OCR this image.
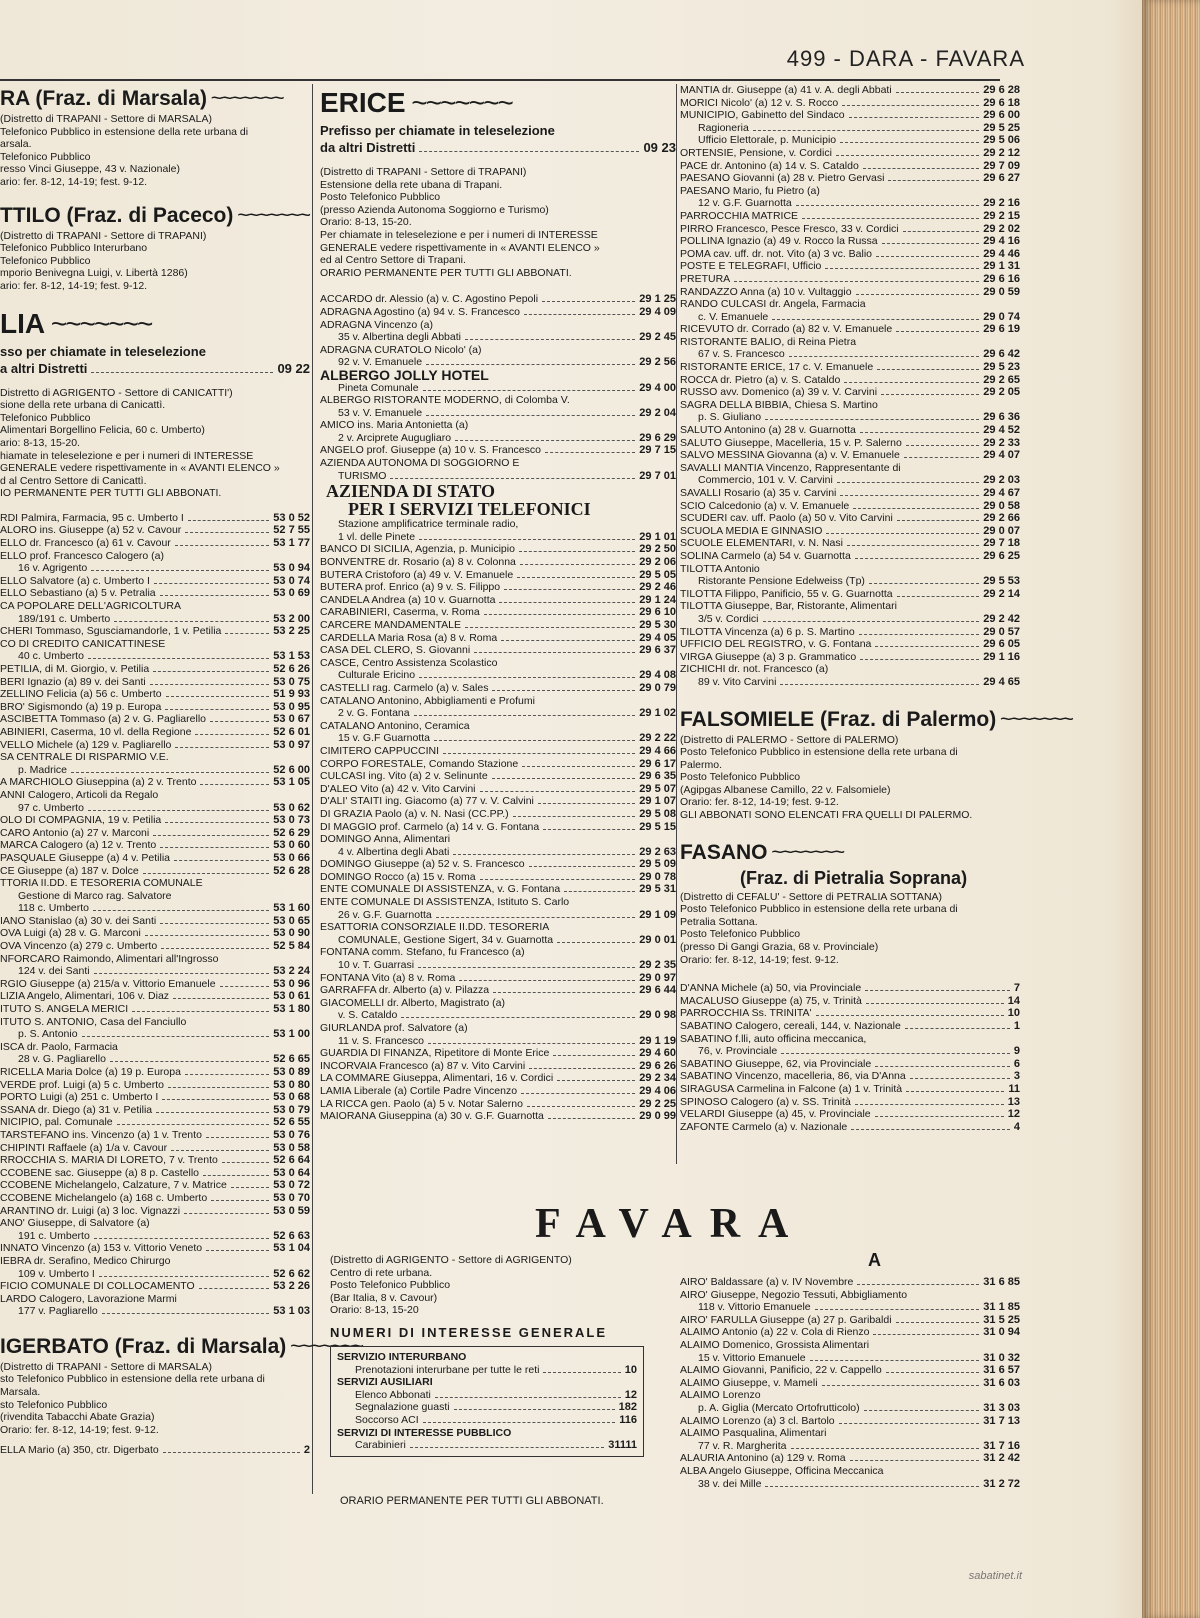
499 - DARA - FAVARA
RA (Fraz. di Marsala) ~~~~~~~
(Distretto di TRAPANI - Settore di MARSALA)
Telefonico Pubblico in estensione della rete urbana di
arsala.
Telefonico Pubblico
resso Vinci Giuseppe, 43 v. Nazionale)
ario: fer. 8-12, 14-19; fest. 9-12.
TTILO (Fraz. di Paceco) ~~~~~~~
(Distretto di TRAPANI - Settore di TRAPANI)
Telefonico Pubblico Interurbano
Telefonico Pubblico
mporio Benivegna Luigi, v. Libertà 1286)
ario: fer. 8-12, 14-19; fest. 9-12.
LIA ~~~~~~~
sso per chiamate in teleselezione
a altri Distretti	09 22
Distretto di AGRIGENTO - Settore di CANICATTI')
sione della rete urbana di Canicattì.
Telefonico Pubblico
Alimentari Borgellino Felicia, 60 c. Umberto)
ario: 8-13, 15-20.
hiamate in teleselezione e per i numeri di INTERESSE
GENERALE vedere rispettivamente in « AVANTI ELENCO »
d al Centro Settore di Canicattì.
IO PERMANENTE PER TUTTI GLI ABBONATI.
RDI Palmira, Farmacia, 95 c. Umberto I	53 0 52
ALORO ins. Giuseppe (a) 52 v. Cavour	52 7 55
ELLO dr. Francesco (a) 61 v. Cavour	53 1 77
ELLO prof. Francesco Calogero (a)
16 v. Agrigento	53 0 94
ELLO Salvatore (a) c. Umberto I	53 0 74
ELLO Sebastiano (a) 5 v. Petralia	53 0 69
CA POPOLARE DELL'AGRICOLTURA
189/191 c. Umberto	53 2 00
CHERI Tommaso, Sgusciamandorle, 1 v. Petilia	53 2 25
CO DI CREDITO CANICATTINESE
40 c. Umberto	53 1 53
PETILIA, di M. Giorgio, v. Petilia	52 6 26
BERI Ignazio (a) 89 v. dei Santi	53 0 75
ZELLINO Felicia (a) 56 c. Umberto	51 9 93
BRO' Sigismondo (a) 19 p. Europa	53 0 95
ASCIBETTA Tommaso (a) 2 v. G. Pagliarello	53 0 67
ABINIERI, Caserma, 10 vl. della Regione	52 6 01
VELLO Michele (a) 129 v. Pagliarello	53 0 97
SA CENTRALE DI RISPARMIO V.E.
p. Madrice	52 6 00
A MARCHIOLO Giuseppina (a) 2 v. Trento	53 1 05
ANNI Calogero, Articoli da Regalo
97 c. Umberto	53 0 62
OLO DI COMPAGNIA, 19 v. Petilia	53 0 73
CARO Antonio (a) 27 v. Marconi	52 6 29
MARCA Calogero (a) 12 v. Trento	53 0 60
PASQUALE Giuseppe (a) 4 v. Petilia	53 0 66
CE Giuseppe (a) 187 v. Dolce	52 6 28
TTORIA II.DD. E TESORERIA COMUNALE
Gestione di Marco rag. Salvatore
118 c. Umberto	53 1 60
IANO Stanislao (a) 30 v. dei Santi	53 0 65
OVA Luigi (a) 28 v. G. Marconi	53 0 90
OVA Vincenzo (a) 279 c. Umberto	52 5 84
NFORCARO Raimondo, Alimentari all'Ingrosso
124 v. dei Santi	53 2 24
RGIO Giuseppe (a) 215/a v. Vittorio Emanuele	53 0 96
LIZIA Angelo, Alimentari, 106 v. Diaz	53 0 61
ITUTO S. ANGELA MERICI	53 1 80
ITUTO S. ANTONIO, Casa del Fanciullo
p. S. Antonio	53 1 00
ISCA dr. Paolo, Farmacia
28 v. G. Pagliarello	52 6 65
RICELLA Maria Dolce (a) 19 p. Europa	53 0 89
VERDE prof. Luigi (a) 5 c. Umberto	53 0 80
PORTO Luigi (a) 251 c. Umberto I	53 0 68
SSANA dr. Diego (a) 31 v. Petilia	53 0 79
NICIPIO, pal. Comunale	52 6 55
TARSTEFANO ins. Vincenzo (a) 1 v. Trento	53 0 76
CHIPINTI Raffaele (a) 1/a v. Cavour	53 0 58
RROCCHIA S. MARIA DI LORETO, 7 v. Trento	52 6 64
CCOBENE sac. Giuseppe (a) 8 p. Castello	53 0 64
CCOBENE Michelangelo, Calzature, 7 v. Matrice	53 0 72
CCOBENE Michelangelo (a) 168 c. Umberto	53 0 70
ARANTINO dr. Luigi (a) 3 loc. Vignazzi	53 0 59
ANO' Giuseppe, di Salvatore (a)
191 c. Umberto	52 6 63
INNATO Vincenzo (a) 153 v. Vittorio Veneto	53 1 04
IEBRA dr. Serafino, Medico Chirurgo
109 v. Umberto I	52 6 62
FICIO COMUNALE DI COLLOCAMENTO	53 2 26
LARDO Calogero, Lavorazione Marmi
177 v. Pagliarello	53 1 03
IGERBATO (Fraz. di Marsala) ~~~~~~~
(Distretto di TRAPANI - Settore di MARSALA)
sto Telefonico Pubblico in estensione della rete urbana di
Marsala.
sto Telefonico Pubblico
(rivendita Tabacchi Abate Grazia)
Orario: fer. 8-12, 14-19; fest. 9-12.
ELLA Mario (a) 350, ctr. Digerbato	2
ERICE ~~~~~~~
Prefisso per chiamate in teleselezione
da altri Distretti	09 23
(Distretto di TRAPANI - Settore di TRAPANI)
Estensione della rete ubana di Trapani.
Posto Telefonico Pubblico
(presso Azienda Autonoma Soggiorno e Turismo)
Orario: 8-13, 15-20.
Per chiamate in teleselezione e per i numeri di INTERESSE
GENERALE vedere rispettivamente in « AVANTI ELENCO »
ed al Centro Settore di Trapani.
ORARIO PERMANENTE PER TUTTI GLI ABBONATI.
ACCARDO dr. Alessio (a) v. C. Agostino Pepoli	29 1 25
ADRAGNA Agostino (a) 94 v. S. Francesco	29 4 09
ADRAGNA Vincenzo (a)
35 v. Albertina degli Abbati	29 2 45
ADRAGNA CURATOLO Nicolo' (a)
92 v. V. Emanuele	29 2 56
ALBERGO JOLLY HOTEL
Pineta Comunale	29 4 00
ALBERGO RISTORANTE MODERNO, di Colomba V.
53 v. V. Emanuele	29 2 04
AMICO ins. Maria Antonietta (a)
2 v. Arciprete Augugliaro	29 6 29
ANGELO prof. Giuseppe (a) 10 v. S. Francesco	29 7 15
AZIENDA AUTONOMA DI SOGGIORNO E
TURISMO	29 7 01
AZIENDA DI STATO
PER I SERVIZI TELEFONICI
Stazione amplificatrice terminale radio,
1 vl. delle Pinete	29 1 01
BANCO DI SICILIA, Agenzia, p. Municipio	29 2 50
BONVENTRE dr. Rosario (a) 8 v. Colonna	29 2 06
BUTERA Cristoforo (a) 49 v. V. Emanuele	29 5 05
BUTERA prof. Enrico (a) 9 v. S. Filippo	29 2 46
CANDELA Andrea (a) 10 v. Guarnotta	29 1 24
CARABINIERI, Caserma, v. Roma	29 6 10
CARCERE MANDAMENTALE	29 5 30
CARDELLA Maria Rosa (a) 8 v. Roma	29 4 05
CASA DEL CLERO, S. Giovanni	29 6 37
CASCE, Centro Assistenza Scolastico
Culturale Ericino	29 4 08
CASTELLI rag. Carmelo (a) v. Sales	29 0 79
CATALANO Antonino, Abbigliamenti e Profumi
2 v. G. Fontana	29 1 02
CATALANO Antonino, Ceramica
15 v. G.F Guarnotta	29 2 22
CIMITERO CAPPUCCINI	29 4 66
CORPO FORESTALE, Comando Stazione	29 6 17
CULCASI ing. Vito (a) 2 v. Selinunte	29 6 35
D'ALEO Vito (a) 42 v. Vito Carvini	29 5 07
D'ALI' STAITI ing. Giacomo (a) 77 v. V. Calvini	29 1 07
DI GRAZIA Paolo (a) v. N. Nasi (CC.PP.)	29 5 08
DI MAGGIO prof. Carmelo (a) 14 v. G. Fontana	29 5 15
DOMINGO Anna, Alimentari
4 v. Albertina degli Abati	29 2 63
DOMINGO Giuseppe (a) 52 v. S. Francesco	29 5 09
DOMINGO Rocco (a) 15 v. Roma	29 0 78
ENTE COMUNALE DI ASSISTENZA, v. G. Fontana	29 5 31
ENTE COMUNALE DI ASSISTENZA, Istituto S. Carlo
26 v. G.F. Guarnotta	29 1 09
ESATTORIA CONSORZIALE II.DD. TESORERIA
COMUNALE, Gestione Sigert, 34 v. Guarnotta	29 0 01
FONTANA comm. Stefano, fu Francesco (a)
10 v. T. Guarrasi	29 2 35
FONTANA Vito (a) 8 v. Roma	29 0 97
GARRAFFA dr. Alberto (a) v. Pilazza	29 6 44
GIACOMELLI dr. Alberto, Magistrato (a)
v. S. Cataldo	29 0 98
GIURLANDA prof. Salvatore (a)
11 v. S. Francesco	29 1 19
GUARDIA DI FINANZA, Ripetitore di Monte Erice	29 4 60
INCORVAIA Francesco (a) 87 v. Vito Carvini	29 6 26
LA COMMARE Giuseppa, Alimentari, 16 v. Cordici	29 2 34
LAMIA Liberale (a) Cortile Padre Vincenzo	29 4 06
LA RICCA gen. Paolo (a) 5 v. Notar Salerno	29 2 25
MAIORANA Giuseppina (a) 30 v. G.F. Guarnotta	29 0 99
MANTIA dr. Giuseppe (a) 41 v. A. degli Abbati	29 6 28
MORICI Nicolo' (a) 12 v. S. Rocco	29 6 18
MUNICIPIO, Gabinetto del Sindaco	29 6 00
Ragioneria	29 5 25
Ufficio Elettorale, p. Municipio	29 5 06
ORTENSIE, Pensione, v. Cordici	29 2 12
PACE dr. Antonino (a) 14 v. S. Cataldo	29 7 09
PAESANO Giovanni (a) 28 v. Pietro Gervasi	29 6 27
PAESANO Mario, fu Pietro (a)
12 v. G.F. Guarnotta	29 2 16
PARROCCHIA MATRICE	29 2 15
PIRRO Francesco, Pesce Fresco, 33 v. Cordici	29 2 02
POLLINA Ignazio (a) 49 v. Rocco la Russa	29 4 16
POMA cav. uff. dr. not. Vito (a) 3 vc. Balio	29 4 46
POSTE E TELEGRAFI, Ufficio	29 1 31
PRETURA	29 6 16
RANDAZZO Anna (a) 10 v. Vultaggio	29 0 59
RANDO CULCASI dr. Angela, Farmacia
c. V. Emanuele	29 0 74
RICEVUTO dr. Corrado (a) 82 v. V. Emanuele	29 6 19
RISTORANTE BALIO, di Reina Pietra
67 v. S. Francesco	29 6 42
RISTORANTE ERICE, 17 c. V. Emanuele	29 5 23
ROCCA dr. Pietro (a) v. S. Cataldo	29 2 65
RUSSO avv. Domenico (a) 39 v. V. Carvini	29 2 05
SAGRA DELLA BIBBIA, Chiesa S. Martino
p. S. Giuliano	29 6 36
SALUTO Antonino (a) 28 v. Guarnotta	29 4 52
SALUTO Giuseppe, Macelleria, 15 v. P. Salerno	29 2 33
SALVO MESSINA Giovanna (a) v. V. Emanuele	29 4 07
SAVALLI MANTIA Vincenzo, Rappresentante di
Commercio, 101 v. V. Carvini	29 2 03
SAVALLI Rosario (a) 35 v. Carvini	29 4 67
SCIO Calcedonio (a) v. V. Emanuele	29 0 58
SCUDERI cav. uff. Paolo (a) 50 v. Vito Carvini	29 2 66
SCUOLA MEDIA E GINNASIO	29 0 07
SCUOLE ELEMENTARI, v. N. Nasi	29 7 18
SOLINA Carmelo (a) 54 v. Guarnotta	29 6 25
TILOTTA Antonio
Ristorante Pensione Edelweiss (Tp)	29 5 53
TILOTTA Filippo, Panificio, 55 v. G. Guarnotta	29 2 14
TILOTTA Giuseppe, Bar, Ristorante, Alimentari
3/5 v. Cordici	29 2 42
TILOTTA Vincenza (a) 6 p. S. Martino	29 0 57
UFFICIO DEL REGISTRO, v. G. Fontana	29 6 05
VIRGA Giuseppe (a) 3 p. Grammatico	29 1 16
ZICHICHI dr. not. Francesco (a)
89 v. Vito Carvini	29 4 65
FALSOMIELE (Fraz. di Palermo) ~~~~~~~
(Distretto di PALERMO - Settore di PALERMO)
Posto Telefonico Pubblico in estensione della rete urbana di
Palermo.
Posto Telefonico Pubblico
(Agipgas Albanese Camillo, 22 v. Falsomiele)
Orario: fer. 8-12, 14-19; fest. 9-12.
GLI ABBONATI SONO ELENCATI FRA QUELLI DI PALERMO.
FASANO ~~~~~~~
(Fraz. di Pietralia Soprana)
(Distretto di CEFALU' - Settore di PETRALIA SOTTANA)
Posto Telefonico Pubblico in estensione della rete urbana di
Petralia Sottana.
Posto Telefonico Pubblico
(presso Di Gangi Grazia, 68 v. Provinciale)
Orario: fer. 8-12, 14-19; fest. 9-12.
D'ANNA Michele (a) 50, via Provinciale	7
MACALUSO Giuseppe (a) 75, v. Trinità	14
PARROCCHIA Ss. TRINITA'	10
SABATINO Calogero, cereali, 144, v. Nazionale	1
SABATINO f.lli, auto officina meccanica,
76, v. Provinciale	9
SABATINO Giuseppe, 62, via Provinciale	6
SABATINO Vincenzo, macelleria, 86, via D'Anna	3
SIRAGUSA Carmelina in Falcone (a) 1 v. Trinità	11
SPINOSO Calogero (a) v. SS. Trinità	13
VELARDI Giuseppe (a) 45, v. Provinciale	12
ZAFONTE Carmelo (a) v. Nazionale	4
FAVARA
A
(Distretto di AGRIGENTO - Settore di AGRIGENTO)
Centro di rete urbana.
Posto Telefonico Pubblico
(Bar Italia, 8 v. Cavour)
Orario: 8-13, 15-20
NUMERI DI INTERESSE GENERALE
SERVIZIO INTERURBANO
Prenotazioni interurbane per tutte le reti	10
SERVIZI AUSILIARI
Elenco Abbonati	12
Segnalazione guasti	182
Soccorso ACI	116
SERVIZI DI INTERESSE PUBBLICO
Carabinieri	31111
AIRO' Baldassare (a) v. IV Novembre	31 6 85
AIRO' Giuseppe, Negozio Tessuti, Abbigliamento
118 v. Vittorio Emanuele	31 1 85
AIRO' FARULLA Giuseppe (a) 27 p. Garibaldi	31 5 25
ALAIMO Antonio (a) 22 v. Cola di Rienzo	31 0 94
ALAIMO Domenico, Grossista Alimentari
15 v. Vittorio Emanuele	31 0 32
ALAIMO Giovanni, Panificio, 22 v. Cappello	31 6 57
ALAIMO Giuseppe, v. Mameli	31 6 03
ALAIMO Lorenzo
p. A. Giglia (Mercato Ortofrutticolo)	31 3 03
ALAIMO Lorenzo (a) 3 cl. Bartolo	31 7 13
ALAIMO Pasqualina, Alimentari
77 v. R. Margherita	31 7 16
ALAURIA Antonino (a) 129 v. Roma	31 2 42
ALBA Angelo Giuseppe, Officina Meccanica
38 v. dei Mille	31 2 72
ORARIO PERMANENTE PER TUTTI GLI ABBONATI.
sabatinet.it
